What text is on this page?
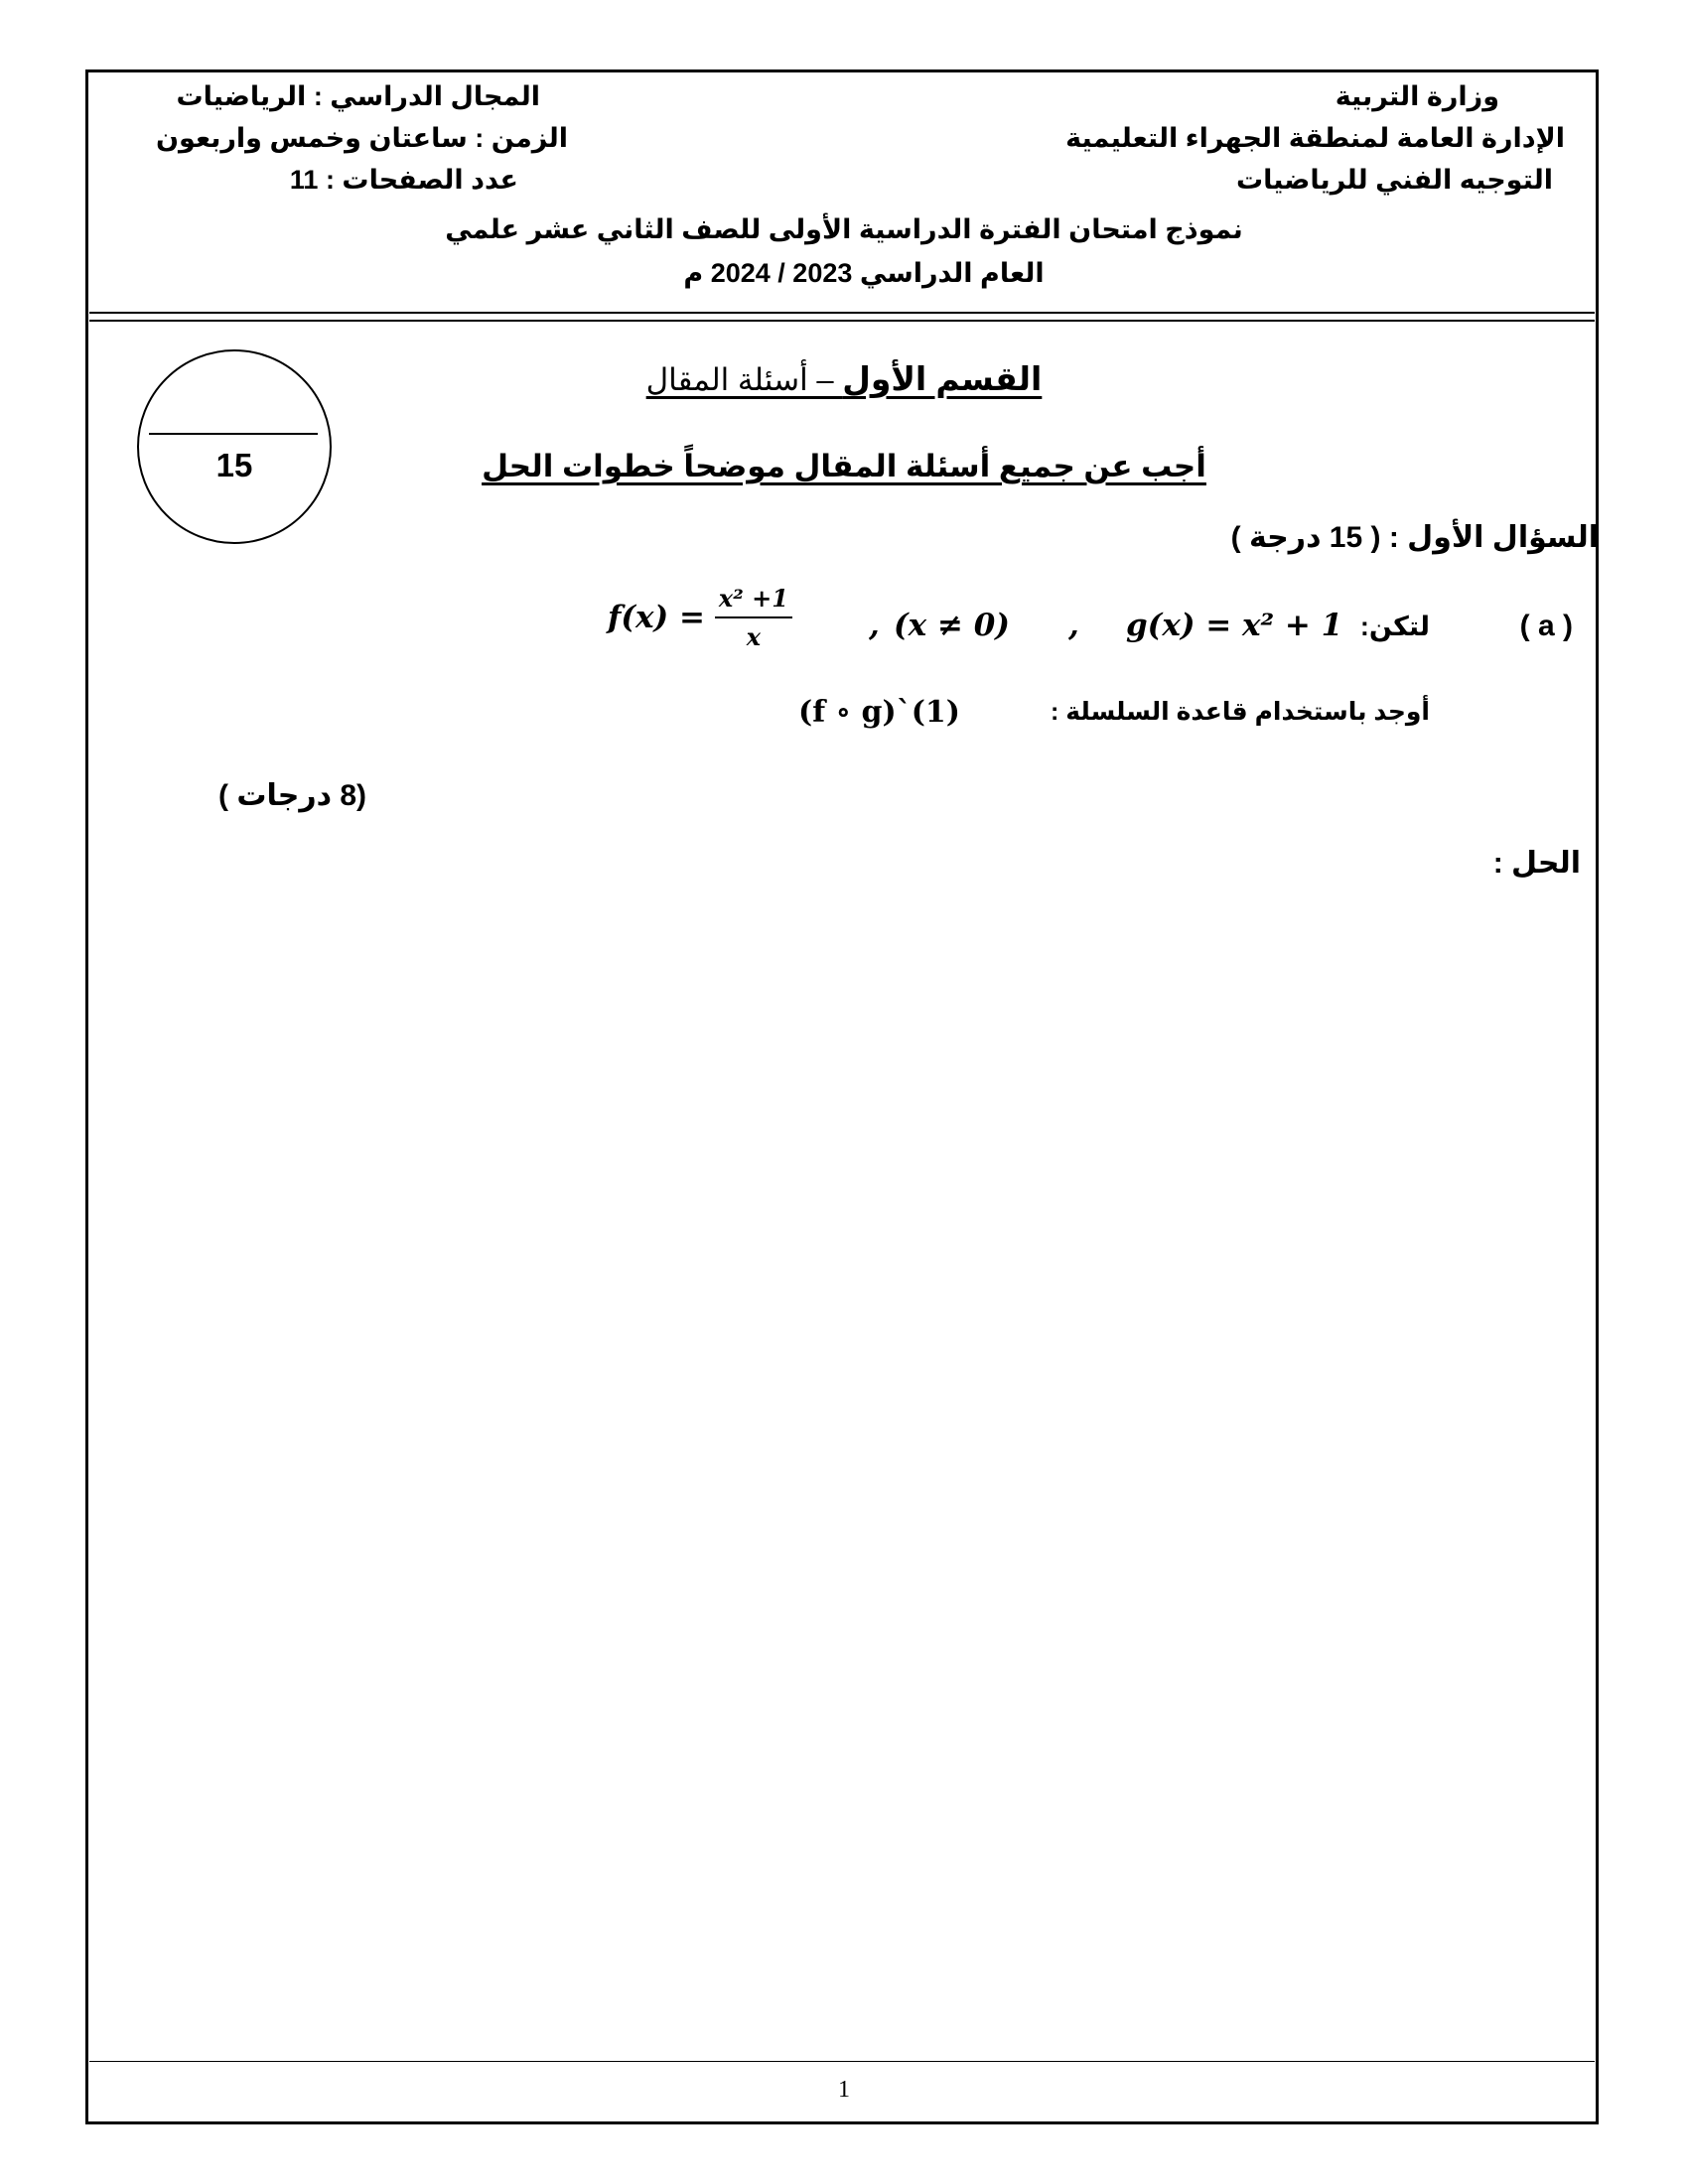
وزارة التربية
الإدارة العامة لمنطقة الجهراء التعليمية
التوجيه الفني للرياضيات
المجال الدراسي : الرياضيات
الزمن : ساعتان وخمس واربعون
عدد الصفحات : 11
نموذج امتحان الفترة الدراسية الأولى للصف الثاني عشر علمي
العام الدراسي 2023 / 2024 م
15
القسم الأول – أسئلة المقال
أجب عن جميع أسئلة المقال موضحاً خطوات الحل
السؤال الأول : ( 15 درجة )
( a )
لتكن:
g(x) = x² + 1
(x ≠ 0)
,	,
$f(x) = \frac{\text{x² +1}}{x}$
أوجد باستخدام قاعدة السلسلة :
(f ∘ g)`(1)
(8 درجات )
الحل :
1
